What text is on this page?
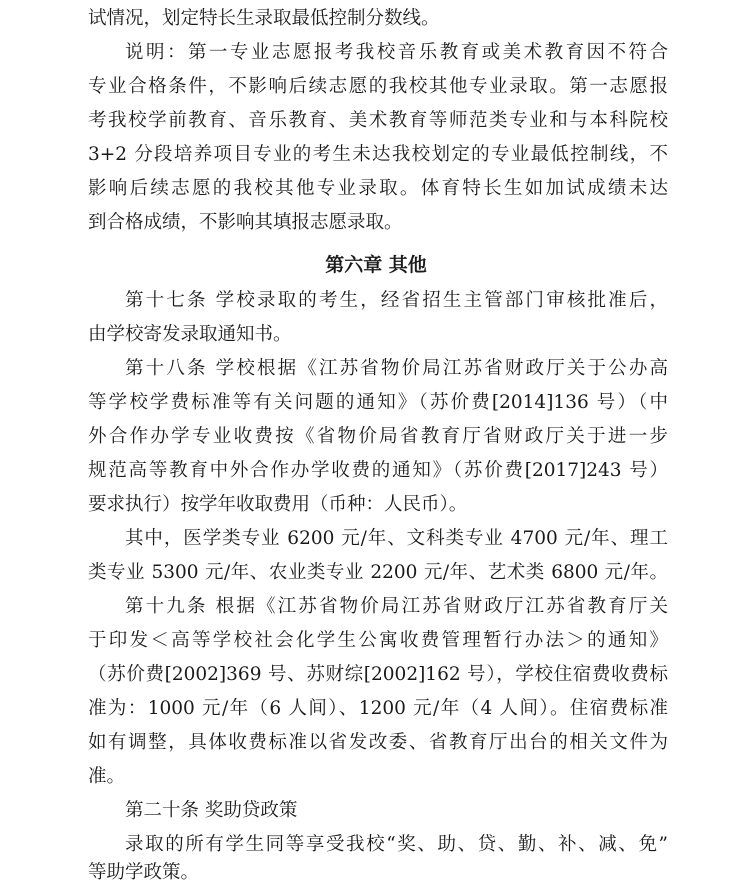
试情况，划定特长生录取最低控制分数线。
说明：第一专业志愿报考我校音乐教育或美术教育因不符合
专业合格条件，不影响后续志愿的我校其他专业录取。第一志愿报
考我校学前教育、音乐教育、美术教育等师范类专业和与本科院校
3+2 分段培养项目专业的考生未达我校划定的专业最低控制线，不
影响后续志愿的我校其他专业录取。体育特长生如加试成绩未达
到合格成绩，不影响其填报志愿录取。
第六章 其他
第十七条 学校录取的考生，经省招生主管部门审核批准后，
由学校寄发录取通知书。
第十八条 学校根据《江苏省物价局江苏省财政厅关于公办高
等学校学费标准等有关问题的通知》（苏价费[2014]136 号）（中
外合作办学专业收费按《省物价局省教育厅省财政厅关于进一步
规范高等教育中外合作办学收费的通知》（苏价费[2017]243 号）
要求执行）按学年收取费用（币种：人民币）。
其中，医学类专业 6200 元/年、文科类专业 4700 元/年、理工
类专业 5300 元/年、农业类专业 2200 元/年、艺术类 6800 元/年。
第十九条 根据《江苏省物价局江苏省财政厅江苏省教育厅关
于印发＜高等学校社会化学生公寓收费管理暂行办法＞的通知》
（苏价费[2002]369 号、苏财综[2002]162 号），学校住宿费收费标
准为：1000 元/年（6 人间）、1200 元/年（4 人间）。住宿费标准
如有调整，具体收费标准以省发改委、省教育厅出台的相关文件为
准。
第二十条 奖助贷政策
录取的所有学生同等享受我校“奖、助、贷、勤、补、减、免”
等助学政策。
